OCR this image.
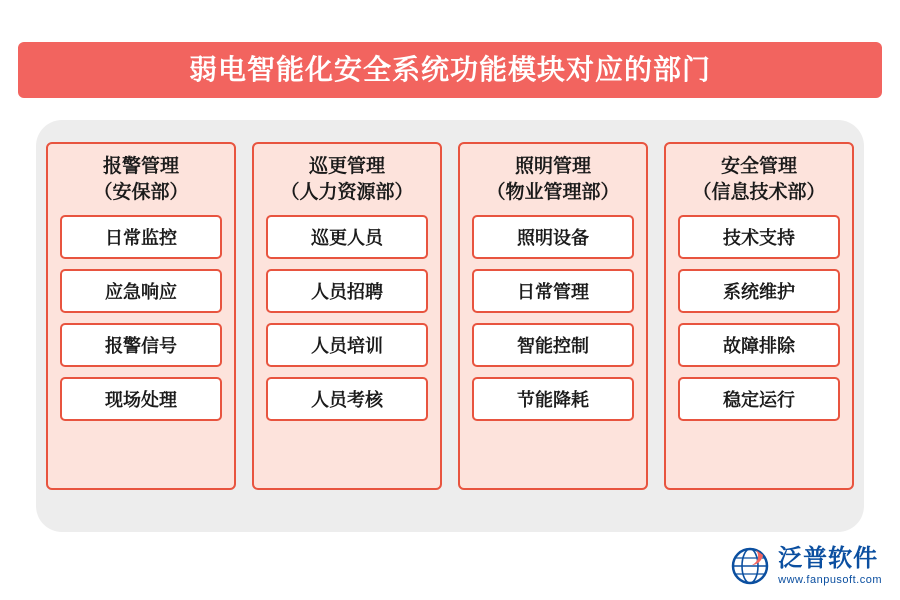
弱电智能化安全系统功能模块对应的部门
报警管理
（安保部）
日常监控
应急响应
报警信号
现场处理
巡更管理
（人力资源部）
巡更人员
人员招聘
人员培训
人员考核
照明管理
（物业管理部）
照明设备
日常管理
智能控制
节能降耗
安全管理
（信息技术部）
技术支持
系统维护
故障排除
稳定运行
泛普软件
www.fanpusoft.com
